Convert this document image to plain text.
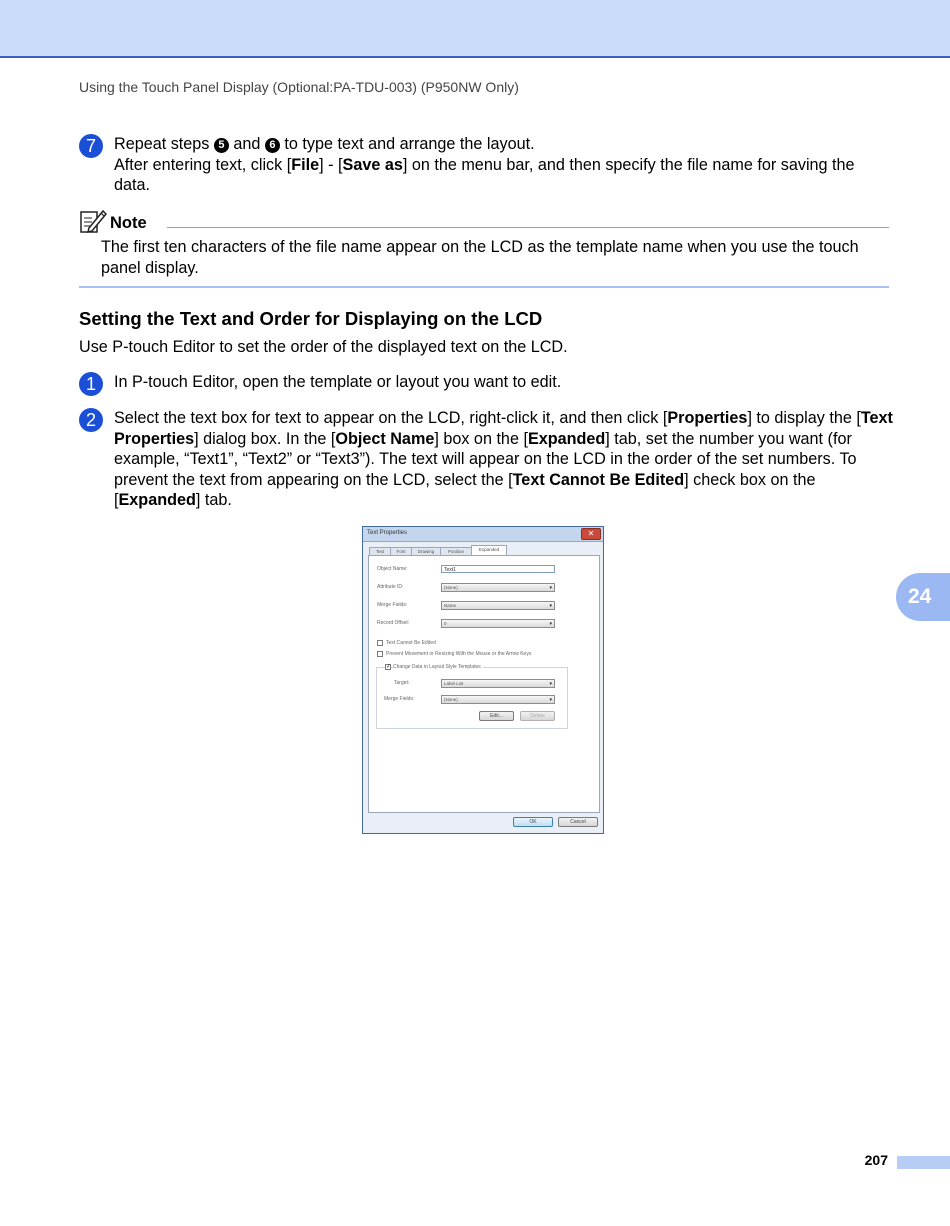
Using the Touch Panel Display (Optional:PA-TDU-003) (P950NW Only)
7	Repeat steps 5 and 6 to type text and arrange the layout.
After entering text, click [File] - [Save as] on the menu bar, and then specify the file name for saving the data.
Note
The first ten characters of the file name appear on the LCD as the template name when you use the touch panel display.
Setting the Text and Order for Displaying on the LCD
Use P-touch Editor to set the order of the displayed text on the LCD.
1	In P-touch Editor, open the template or layout you want to edit.
2	Select the text box for text to appear on the LCD, right-click it, and then click [Properties] to display the [Text Properties] dialog box. In the [Object Name] box on the [Expanded] tab, set the number you want (for example, “Text1”, “Text2” or “Text3”). The text will appear on the LCD in the order of the set numbers. To prevent the text from appearing on the LCD, select the [Text Cannot Be Edited] check box on the [Expanded] tab.
Text Properties	✕
Text	Font	Drawing	Position	Expanded
Object Name:	Text1
Attribute ID:	(None)	▾
Merge Fields:	Name	▾
Record Offset:	0	▾
Text Cannot Be Edited
Prevent Movement or Resizing With the Mouse or the Arrow Keys
Target:	Label List	▾
Merge Fields:	(None)	▾
Edit...	Delete
✓ Change Data in Layout Style Templates
OK	Cancel
24
207
